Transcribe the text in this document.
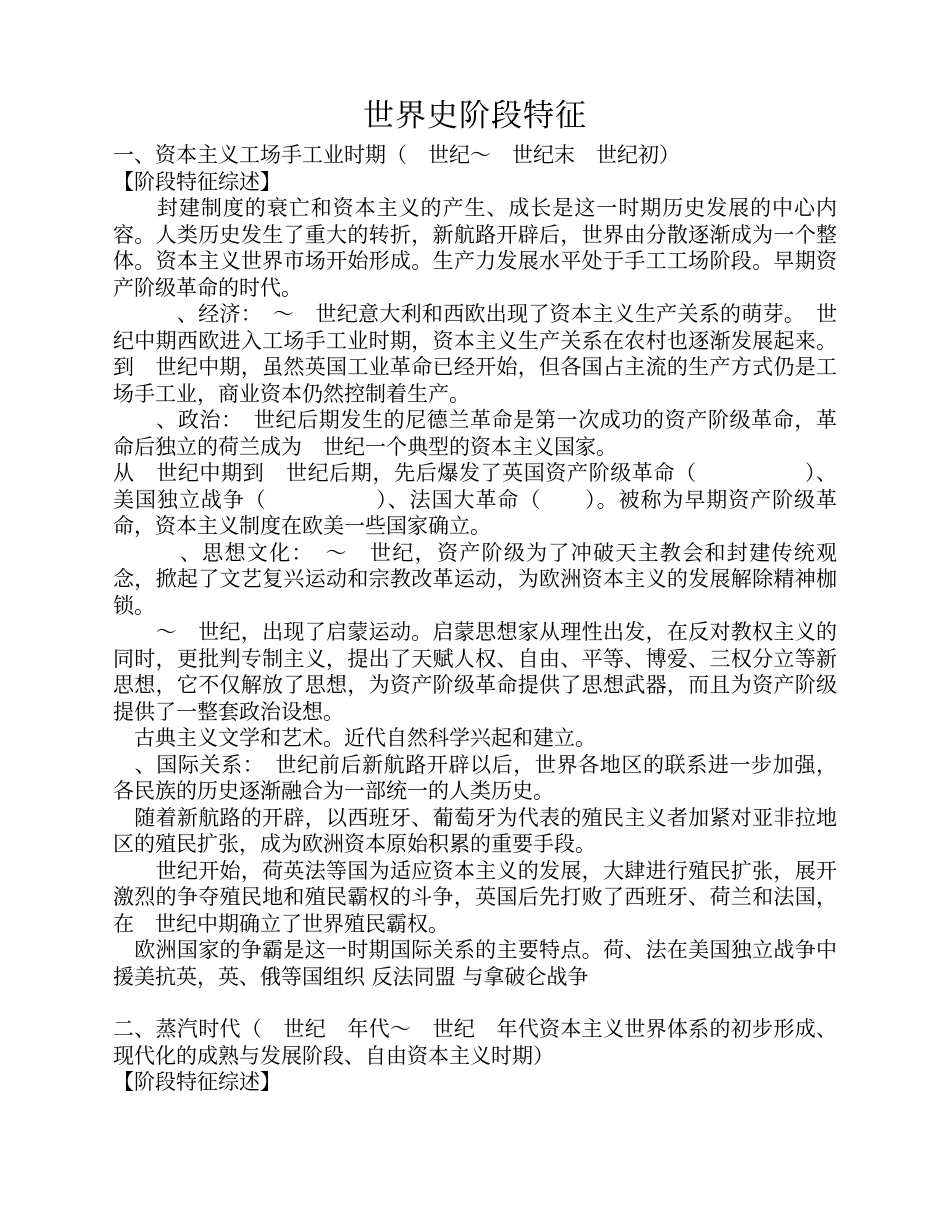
世界史阶段特征

一、资本主义工场手工业时期（　世纪～　世纪末　世纪初）

【阶段特征综述】

　　封建制度的衰亡和资本主义的产生、成长是这一时期历史发展的中心内容。人类历史发生了重大的转折，新航路开辟后，世界由分散逐渐成为一个整体。资本主义世界市场开始形成。生产力发展水平处于手工工场阶段。早期资产阶级革命的时代。

　　　、经济：　～　世纪意大利和西欧出现了资本主义生产关系的萌芽。　世纪中期西欧进入工场手工业时期，资本主义生产关系在农村也逐渐发展起来。到　世纪中期，虽然英国工业革命已经开始，但各国占主流的生产方式仍是工场手工业，商业资本仍然控制着生产。

　　、政治：　世纪后期发生的尼德兰革命是第一次成功的资产阶级革命，革命后独立的荷兰成为　世纪一个典型的资本主义国家。

从　世纪中期到　世纪后期，先后爆发了英国资产阶级革命（　　　　　）、美国独立战争（　　　　　）、法国大革命（　　）。被称为早期资产阶级革命，资本主义制度在欧美一些国家确立。

　　　、思想文化：　～　世纪，资产阶级为了冲破天主教会和封建传统观念，掀起了文艺复兴运动和宗教改革运动，为欧洲资本主义的发展解除精神枷锁。

　　～　世纪，出现了启蒙运动。启蒙思想家从理性出发，在反对教权主义的同时，更批判专制主义，提出了天赋人权、自由、平等、博爱、三权分立等新思想，它不仅解放了思想，为资产阶级革命提供了思想武器，而且为资产阶级提供了一整套政治设想。

　古典主义文学和艺术。近代自然科学兴起和建立。

　、国际关系：　世纪前后新航路开辟以后，世界各地区的联系进一步加强，各民族的历史逐渐融合为一部统一的人类历史。

　随着新航路的开辟，以西班牙、葡萄牙为代表的殖民主义者加紧对亚非拉地区的殖民扩张，成为欧洲资本原始积累的重要手段。

　　世纪开始，荷英法等国为适应资本主义的发展，大肆进行殖民扩张，展开激烈的争夺殖民地和殖民霸权的斗争，英国后先打败了西班牙、荷兰和法国，在　世纪中期确立了世界殖民霸权。

　欧洲国家的争霸是这一时期国际关系的主要特点。荷、法在美国独立战争中援美抗英，英、俄等国组织 反法同盟 与拿破仑战争

二、蒸汽时代（　世纪　年代～　世纪　年代资本主义世界体系的初步形成、现代化的成熟与发展阶段、自由资本主义时期）

【阶段特征综述】
